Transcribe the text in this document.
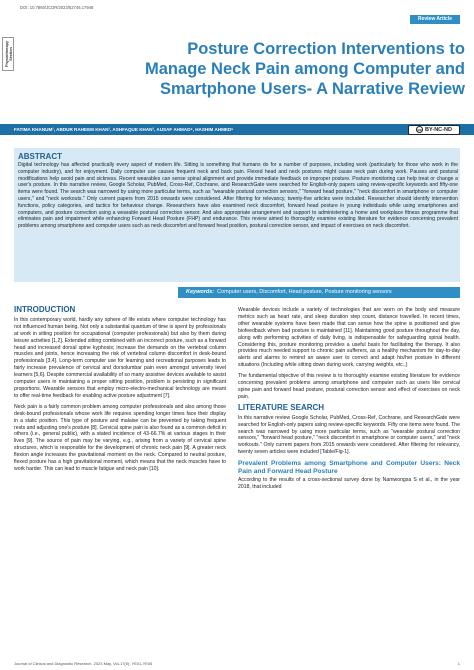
DOI: 10.7860/JCDR/2023/62746.17948
Review Article
Physiotherapy Section	Posture Correction Interventions to Manage Neck Pain among Computer and Smartphone Users- A Narrative Review
FATIMA KHANUM¹, ABDUR RAHEEM KHAN², ASHFAQUE KHAN³, AUSAF AHMAD⁴, HASHIM AHMED⁵	cc BY-NC-ND
ABSTRACT

Digital technology has affected practically every aspect of modern life. Sitting is something that humans do for a number of purposes, including work (particularly for those who work in the computer industry), and for enjoyment. Daily computer use causes frequent neck and back pain. Flexed head and neck postures might cause neck pain during work. Pauses and postural modifications help avoid pain and sickness. Recent wearables can sense spinal alignment and provide immediate feedback on improper posture. Posture monitoring can help treat or change a user's posture. In this narrative review, Google Scholar, PubMed, Cross-Ref, Cochrane, and ResearchGate were searched for English-only papers using review-specific keywords and fifty-one items were found. The search was narrowed by using more particular terms, such as "wearable postural correction sensors," "forward head posture," "neck discomfort in smartphone or computer users," and "neck workouts." Only current papers from 2015 onwards were considered. After filtering for relevancy, twenty-five articles were included. Researcher should identify intervention functions, policy categories, and tactics for behaviour change. Researchers have also examined neck discomfort, forward head posture in young individuals while using smartphones and computers, and posture correction using a wearable postural correction sensor. And also appropriate arrangement and support to administering a home and workplace fitness programme that eliminates pain and impairment while enhancing Forward Head Posture (FHP) and endurance. This review aimed to thoroughly examine existing literature for evidence concerning prevalent problems among smartphone and computer users such as neck discomfort and forward head position, postural correction sensor, and impact of exercises on neck discomfort.

Keywords: Computer users, Discomfort, Head posture, Posture monitoring sensors
INTRODUCTION

In this contemporary world, hardly any sphere of life exists where computer technology has not influenced human being. Not only a substantial quantum of time is spent by professionals at work in sitting position for occupational (computer professionals) but also by them during leisure activities [1,2]. Extended sitting combined with an incorrect posture, such as a forward head and increased dorsal spine kyphosis; increase the demands on the vertebral column muscles and joints, hence increasing the risk of vertebral column discomfort in desk-bound professionals [3,4]. Long-term computer use for learning and recreational purposes leads to fairly increase prevalence of cervical and dorsolumbar pain even amongst university level learners [5,6]. Despite commercial availability of so many assistive devices available to assist computer users in maintaining a proper sitting position, problem is persisting in significant proportions. Wearable sensors that employ micro-electro-mechanical technology are meant to offer real-time feedback for enabling active posture adjustment [7].

Neck pain is a fairly common problem among computer professionals and also among those desk-bound professionals whose work life requires spending longer times face their display in a static position. This type of posture and malaise can be prevented by taking frequent rests and adjusting one's posture [8]. Cervical spine pain is also found as a common deficit in others (i.e., general public), with a stated incidence of 43-66.7% at various stages in their lives [9]. The source of pain may be varying, e.g., arising from a variety of cervical spine structures, which is responsible for the development of chronic neck pain [9]. A greater neck flexion angle increases the gravitational moment on the neck. Compared to neutral posture, flexed posture has a high gravitational moment, which means that the neck muscles have to work harder. This can lead to muscle fatigue and neck pain [10].

Wearable devices include a variety of technologies that are worn on the body and measure metrics such as heart rate, and sleep duration step count, distance travelled. In recent times, other wearable systems have been made that can sense how the spine is positioned and give biofeedback when bad posture is maintained [11]. Maintaining good posture throughout the day, along with performing activities of daily living, is indispensable for safeguarding spinal health. Considering this, posture monitoring provides a useful basis for facilitating the therapy. It also provides much needed support to chronic pain sufferers, as a healthy mechanism for day-to-day alerts and alarms to remind an aware user to correct and adapt his/her posture in different situations (Including while sitting down during work, carrying weights, etc.,)

The fundamental objective of this review is to thoroughly examine existing literature for evidence concerning prevalent problems among smartphone and computer such as users like cervical spine pain and forward head posture, postural correction sensor and effect of exercises on neck pain.

LITERATURE SEARCH

In this narrative review Google Scholar, PubMed, Cross-Ref, Cochrane, and ResearchGate were searched for English-only papers using review-specific keywords. Fifty one items were found. The search was narrowed by using more particular terms, such as "wearable postural correction sensors," "forward head posture," "neck discomfort in smartphone or computer users," and "neck workouts." Only current papers from 2015 onwards were considered. After filtering for relevancy, twenty seven articles were included [Table/Fig-1].

Prevalent Problems among Smartphone and Computer Users: Neck Pain and Forward Head Posture

According to the results of a cross-sectional survey done by Namwongsa S et al., in the year 2018, that included

Journal of Clinical and Diagnostic Research. 2023 May, Vol-17(5): YE01-YE06	1
